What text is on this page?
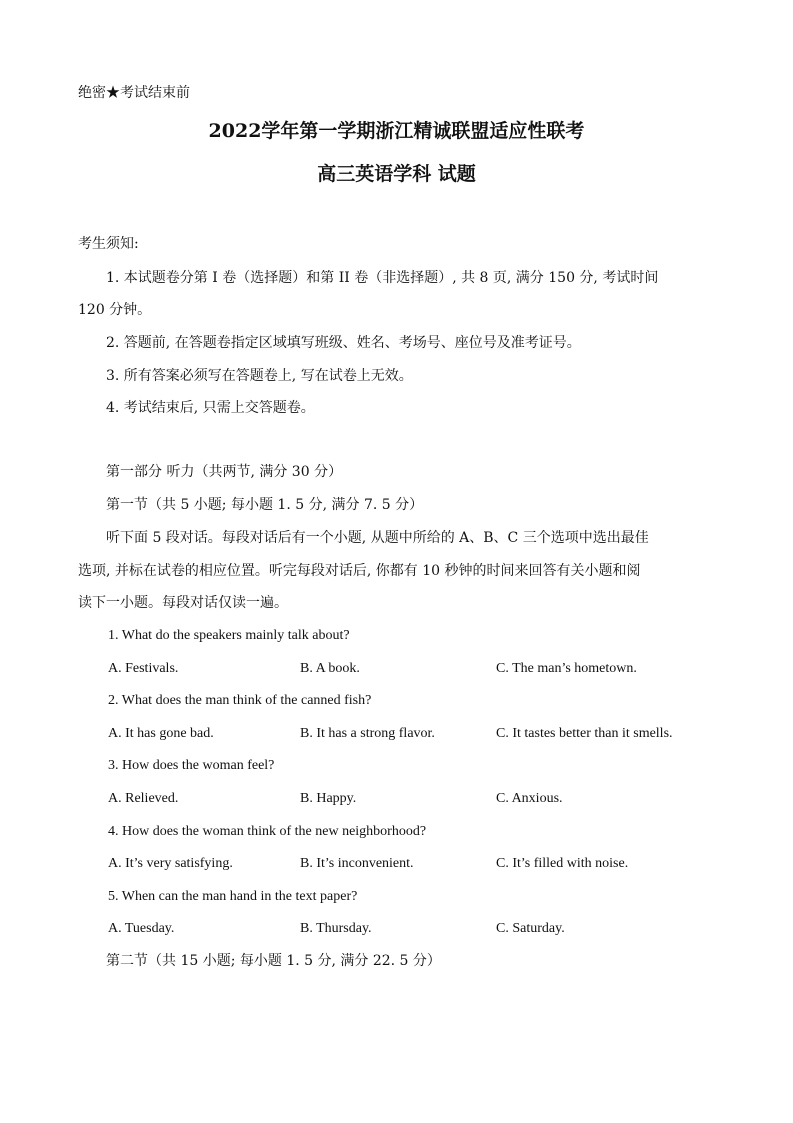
绝密★考试结束前
2022学年第一学期浙江精诚联盟适应性联考
高三英语学科 试题
考生须知:
1. 本试题卷分第 I 卷（选择题）和第 II 卷（非选择题）, 共 8 页, 满分 150 分, 考试时间
120 分钟。
2. 答题前, 在答题卷指定区域填写班级、姓名、考场号、座位号及准考证号。
3. 所有答案必须写在答题卷上, 写在试卷上无效。
4. 考试结束后, 只需上交答题卷。
第一部分 听力（共两节, 满分 30 分）
第一节（共 5 小题; 每小题 1. 5 分, 满分 7. 5 分）
听下面 5 段对话。每段对话后有一个小题, 从题中所给的 A、B、C 三个选项中选出最佳
选项, 并标在试卷的相应位置。听完每段对话后, 你都有 10 秒钟的时间来回答有关小题和阅
读下一小题。每段对话仅读一遍。
1. What do the speakers mainly talk about?
A. Festivals.	B. A book.	C. The man’s hometown.
2. What does the man think of the canned fish?
A. It has gone bad.	B. It has a strong flavor.	C. It tastes better than it smells.
3. How does the woman feel?
A. Relieved.	B. Happy.	C. Anxious.
4. How does the woman think of the new neighborhood?
A. It’s very satisfying.	B. It’s inconvenient.	C. It’s filled with noise.
5. When can the man hand in the text paper?
A. Tuesday.	B. Thursday.	C. Saturday.
第二节（共 15 小题; 每小题 1. 5 分, 满分 22. 5 分）
